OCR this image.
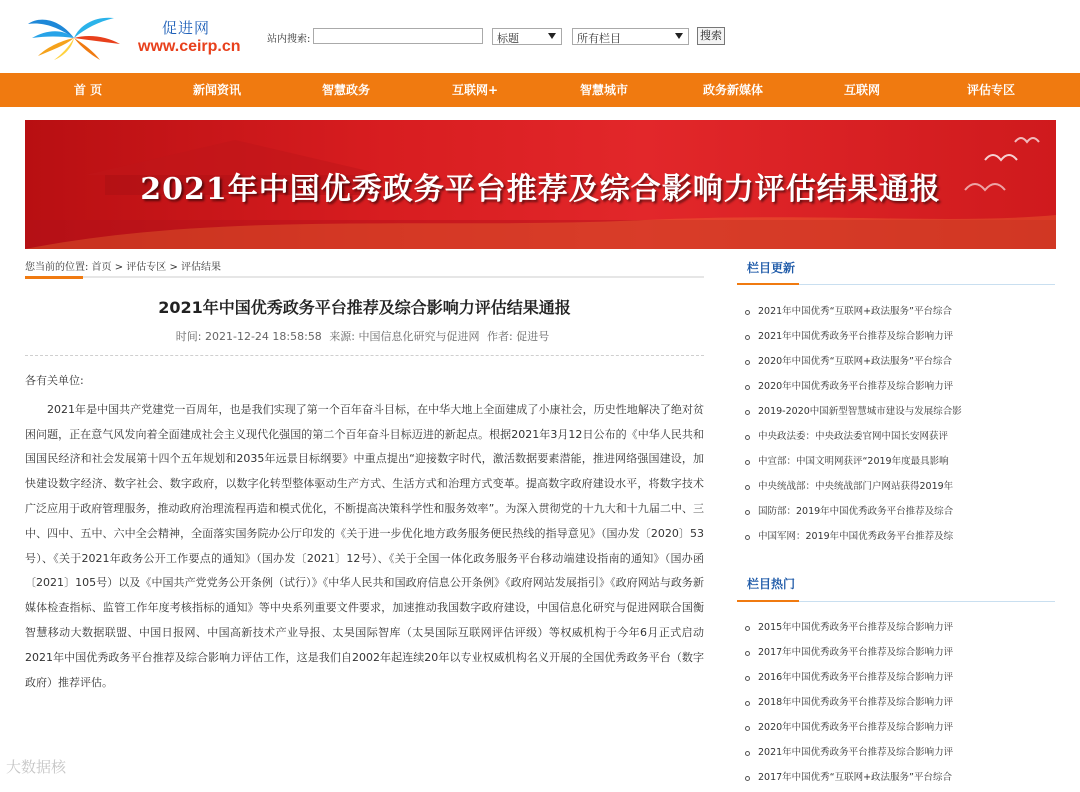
促进网
www.ceirp.cn	站内搜索:	标题	所有栏目	搜索
首 页	新闻资讯	智慧政务	互联网+	智慧城市	政务新媒体	互联网	评估专区
2021年中国优秀政务平台推荐及综合影响力评估结果通报
您当前的位置: 首页 > 评估专区 > 评估结果
2021年中国优秀政务平台推荐及综合影响力评估结果通报
时间: 2021-12-24 18:58:58 来源: 中国信息化研究与促进网 作者: 促进号

各有关单位:

2021年是中国共产党建党一百周年，也是我们实现了第一个百年奋斗目标，在中华大地上全面建成了小康社会，历史性地解决了绝对贫困问题，正在意气风发向着全面建成社会主义现代化强国的第二个百年奋斗目标迈进的新起点。根据2021年3月12日公布的《中华人民共和国国民经济和社会发展第十四个五年规划和2035年远景目标纲要》中重点提出“迎接数字时代，激活数据要素潜能，推进网络强国建设，加快建设数字经济、数字社会、数字政府，以数字化转型整体驱动生产方式、生活方式和治理方式变革。提高数字政府建设水平，将数字技术广泛应用于政府管理服务，推动政府治理流程再造和模式优化，不断提高决策科学性和服务效率”。为深入贯彻党的十九大和十九届二中、三中、四中、五中、六中全会精神，全面落实国务院办公厅印发的《关于进一步优化地方政务服务便民热线的指导意见》（国办发〔2020〕53号）、《关于2021年政务公开工作要点的通知》（国办发〔2021〕12号）、《关于全国一体化政务服务平台移动端建设指南的通知》（国办函〔2021〕105号）以及《中国共产党党务公开条例（试行）》《中华人民共和国政府信息公开条例》《政府网站发展指引》《政府网站与政务新媒体检查指标、监管工作年度考核指标的通知》等中央系列重要文件要求，加速推动我国数字政府建设，中国信息化研究与促进网联合国衡智慧移动大数据联盟、中国日报网、中国高新技术产业导报、太昊国际智库（太昊国际互联网评估评级）等权威机构于今年6月正式启动2021年中国优秀政务平台推荐及综合影响力评估工作，这是我们自2002年起连续20年以专业权威机构名义开展的全国优秀政务平台（数字政府）推荐评估。

栏目更新
2021年中国优秀“互联网+政法服务”平台综合
2021年中国优秀政务平台推荐及综合影响力评
2020年中国优秀“互联网+政法服务”平台综合
2020年中国优秀政务平台推荐及综合影响力评
2019-2020中国新型智慧城市建设与发展综合影
中央政法委：中央政法委官网中国长安网获评
中宣部：中国文明网获评“2019年度最具影响
中央统战部：中央统战部门户网站获得2019年
国防部：2019年中国优秀政务平台推荐及综合
中国军网：2019年中国优秀政务平台推荐及综
栏目热门
2015年中国优秀政务平台推荐及综合影响力评
2017年中国优秀政务平台推荐及综合影响力评
2016年中国优秀政务平台推荐及综合影响力评
2018年中国优秀政务平台推荐及综合影响力评
2020年中国优秀政务平台推荐及综合影响力评
2021年中国优秀政务平台推荐及综合影响力评
2017年中国优秀“互联网+政法服务”平台综合
大数据核
